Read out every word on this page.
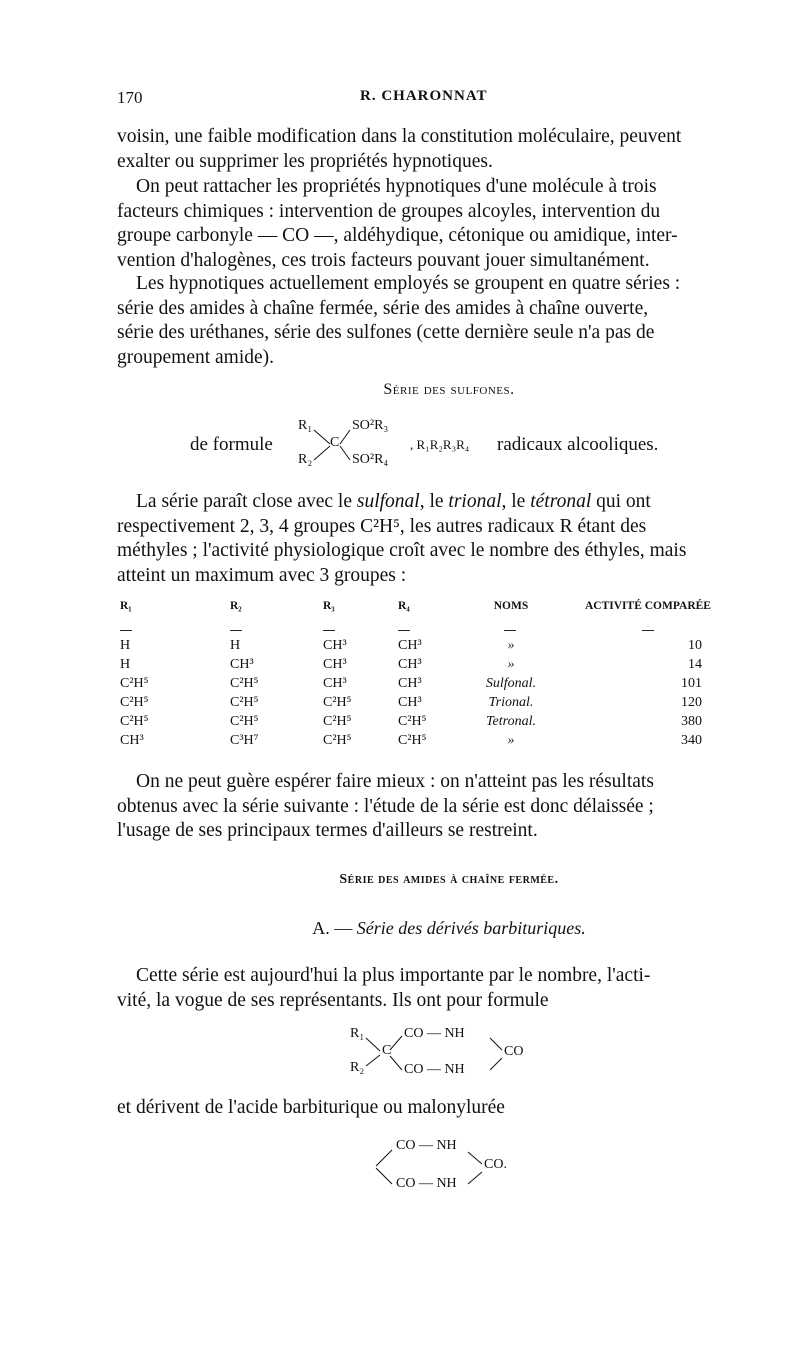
170	R. CHARONNAT
voisin, une faible modification dans la constitution moléculaire, peuvent
exalter ou supprimer les propriétés hypnotiques.
On peut rattacher les propriétés hypnotiques d'une molécule à trois
facteurs chimiques : intervention de groupes alcoyles, intervention du
groupe carbonyle — CO —, aldéhydique, cétonique ou amidique, inter-
vention d'halogènes, ces trois facteurs pouvant jouer simultanément.
Les hypnotiques actuellement employés se groupent en quatre séries :
série des amides à chaîne fermée, série des amides à chaîne ouverte,
série des uréthanes, série des sulfones (cette dernière seule n'a pas de
groupement amide).
Série des sulfones.
de formule
R₁
R₂
C
SO²R₃
SO²R₄
, R₁R₂R₃R₄ radicaux alcooliques.
La série paraît close avec le sulfonal, le trional, le tétronal qui ont
respectivement 2, 3, 4 groupes C²H⁵, les autres radicaux R étant des
méthyles ; l'activité physiologique croît avec le nombre des éthyles, mais
atteint un maximum avec 3 groupes :
R₁	R₂	R₃	R₄	NOMS	ACTIVITÉ COMPARÉE
H	H	CH³	CH³	»	10
H	CH³	CH³	CH³	»	14
C²H⁵	C²H⁵	CH³	CH³	Sulfonal.	101
C²H⁵	C²H⁵	C²H⁵	CH³	Trional.	120
C²H⁵	C²H⁵	C²H⁵	C²H⁵	Tetronal.	380
CH³	C³H⁷	C²H⁵	C²H⁵	»	340
On ne peut guère espérer faire mieux : on n'atteint pas les résultats
obtenus avec la série suivante : l'étude de la série est donc délaissée ;
l'usage de ses principaux termes d'ailleurs se restreint.
Série des amides à chaîne fermée.
A. — Série des dérivés barbituriques.
Cette série est aujourd'hui la plus importante par le nombre, l'acti-
vité, la vogue de ses représentants. Ils ont pour formule
R₁
R₂
C
CO — NH
CO — NH
CO
et dérivent de l'acide barbiturique ou malonylurée
CO — NH
CO — NH
CO.
